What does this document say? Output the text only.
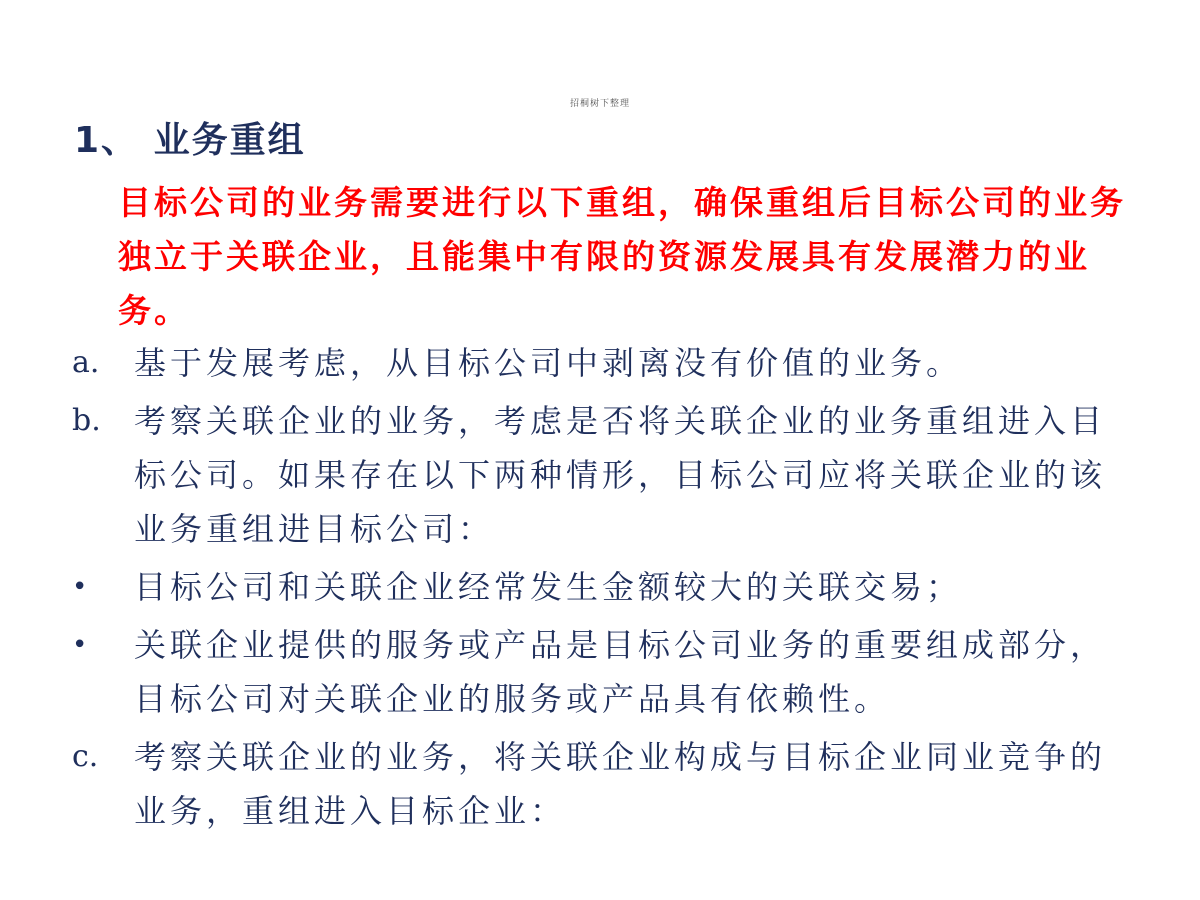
招桐树下整理
1、 业务重组
目标公司的业务需要进行以下重组，确保重组后目标公司的业务独立于关联企业，且能集中有限的资源发展具有发展潜力的业务。
a.	基于发展考虑，从目标公司中剥离没有价值的业务。
b.	考察关联企业的业务，考虑是否将关联企业的业务重组进入目标公司。如果存在以下两种情形，目标公司应将关联企业的该业务重组进目标公司：
•	目标公司和关联企业经常发生金额较大的关联交易；
•	关联企业提供的服务或产品是目标公司业务的重要组成部分，目标公司对关联企业的服务或产品具有依赖性。
c.	考察关联企业的业务，将关联企业构成与目标企业同业竞争的业务，重组进入目标企业：
